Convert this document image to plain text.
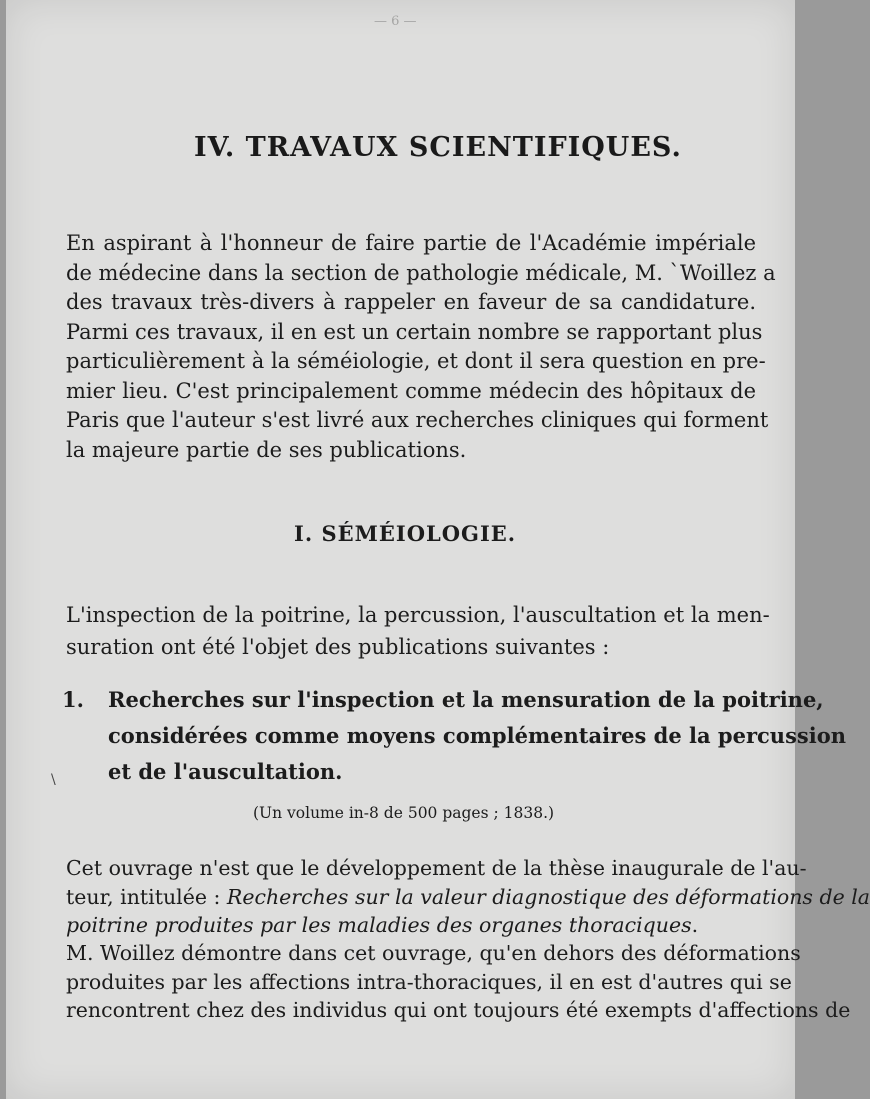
— 6 —
IV. TRAVAUX SCIENTIFIQUES.
En aspirant à l'honneur de faire partie de l'Académie impériale
de médecine dans la section de pathologie médicale, M. `Woillez a
des travaux très-divers à rappeler en faveur de sa candidature.
Parmi ces travaux, il en est un certain nombre se rapportant plus
particulièrement à la séméiologie, et dont il sera question en pre-
mier lieu. C'est principalement comme médecin des hôpitaux de
Paris que l'auteur s'est livré aux recherches cliniques qui forment
la majeure partie de ses publications.
I. SÉMÉIOLOGIE.
L'inspection de la poitrine, la percussion, l'auscultation et la men-
suration ont été l'objet des publications suivantes :
1. Recherches sur l'inspection et la mensuration de la poitrine,
considérées comme moyens complémentaires de la percussion
et de l'auscultation.
\
(Un volume in-8 de 500 pages ; 1838.)
Cet ouvrage n'est que le développement de la thèse inaugurale de l'au-
teur, intitulée : Recherches sur la valeur diagnostique des déformations de la
poitrine produites par les maladies des organes thoraciques.
M. Woillez démontre dans cet ouvrage, qu'en dehors des déformations
produites par les affections intra-thoraciques, il en est d'autres qui se
rencontrent chez des individus qui ont toujours été exempts d'affections de
